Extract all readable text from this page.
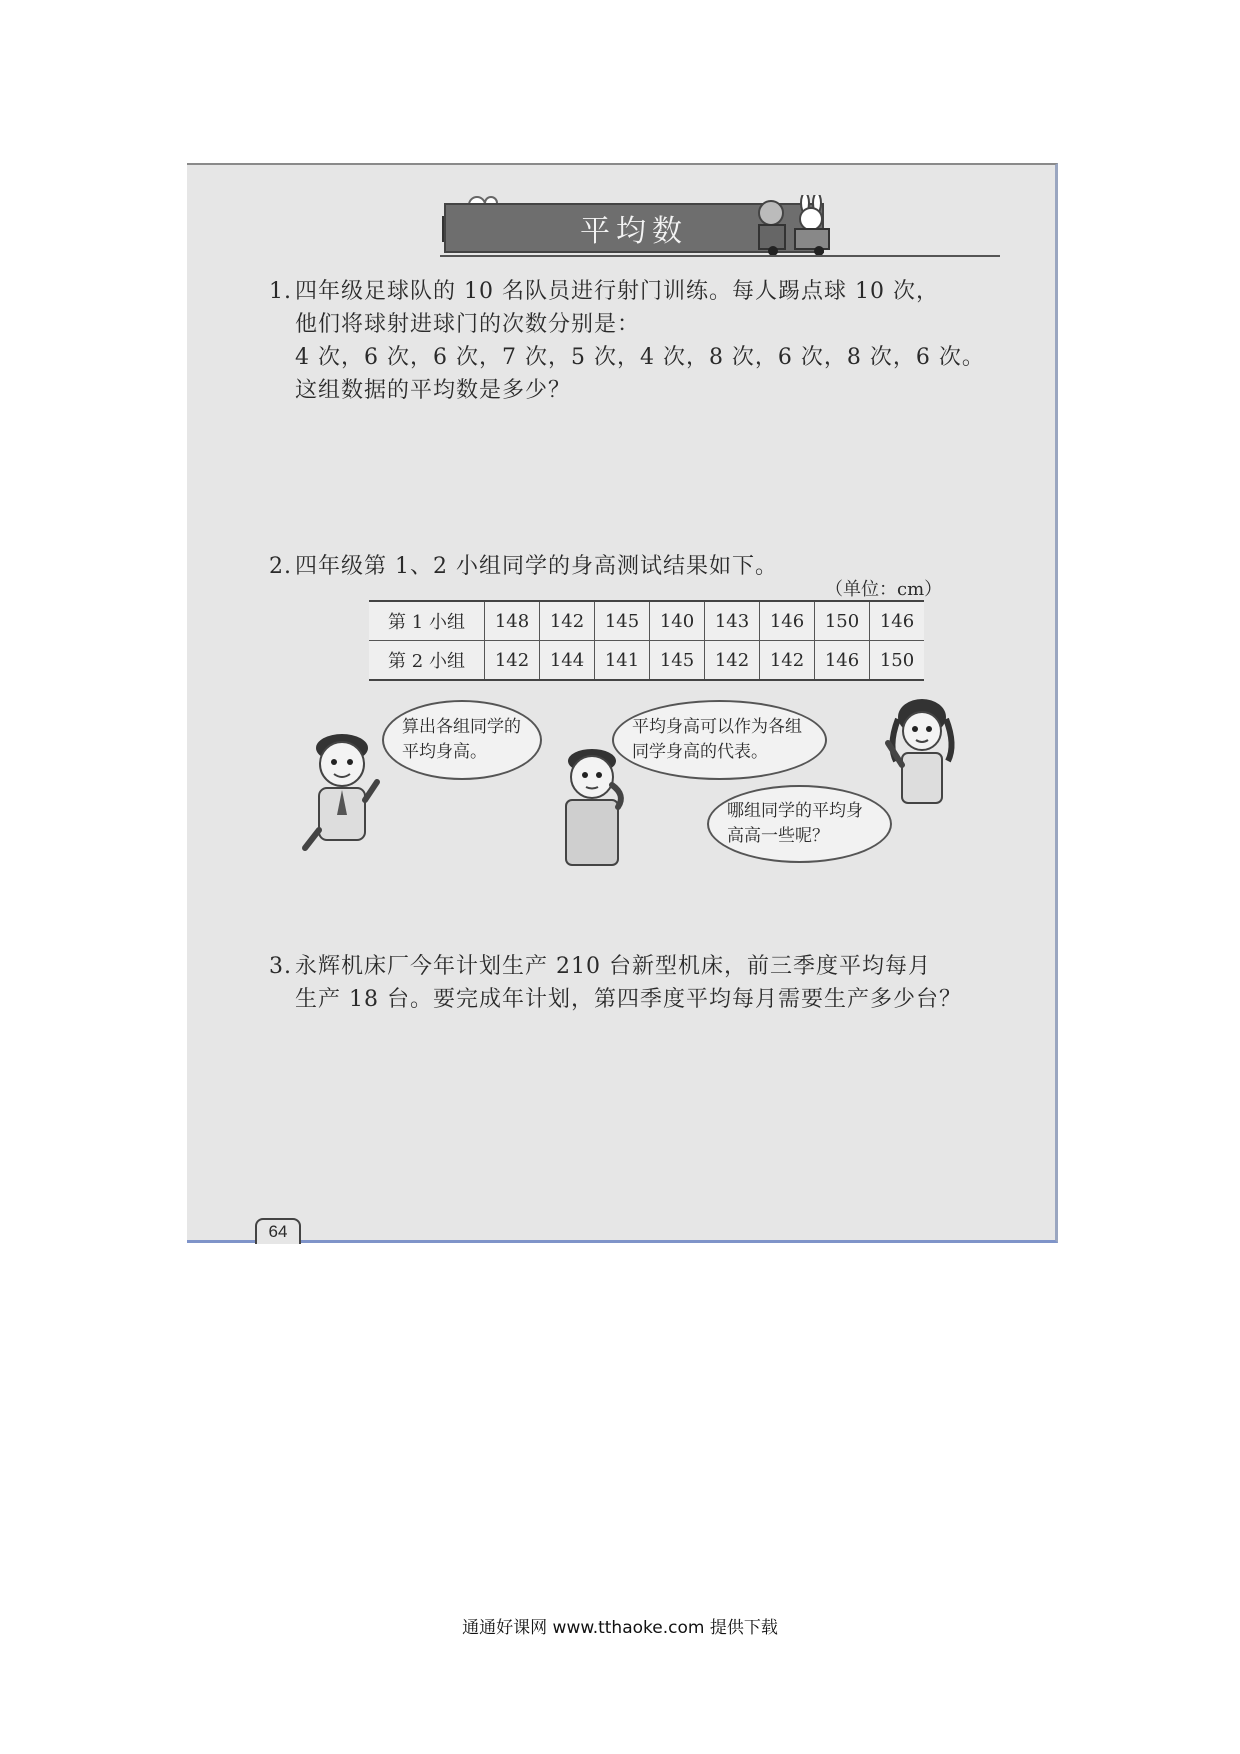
平均数
1. 四年级足球队的 10 名队员进行射门训练。每人踢点球 10 次，
他们将球射进球门的次数分别是：
4 次，6 次，6 次，7 次，5 次，4 次，8 次，6 次，8 次，6 次。
这组数据的平均数是多少？
2. 四年级第 1、2 小组同学的身高测试结果如下。
（单位：cm）
第 1 小组	148	142	145	140	143	146	150	146
第 2 小组	142	144	141	145	142	142	146	150
算出各组同学的平均身高。
平均身高可以作为各组同学身高的代表。
哪组同学的平均身高高一些呢？
3. 永辉机床厂今年计划生产 210 台新型机床，前三季度平均每月
生产 18 台。要完成年计划，第四季度平均每月需要生产多少台？
64
通通好课网 www.tthaoke.com 提供下载
